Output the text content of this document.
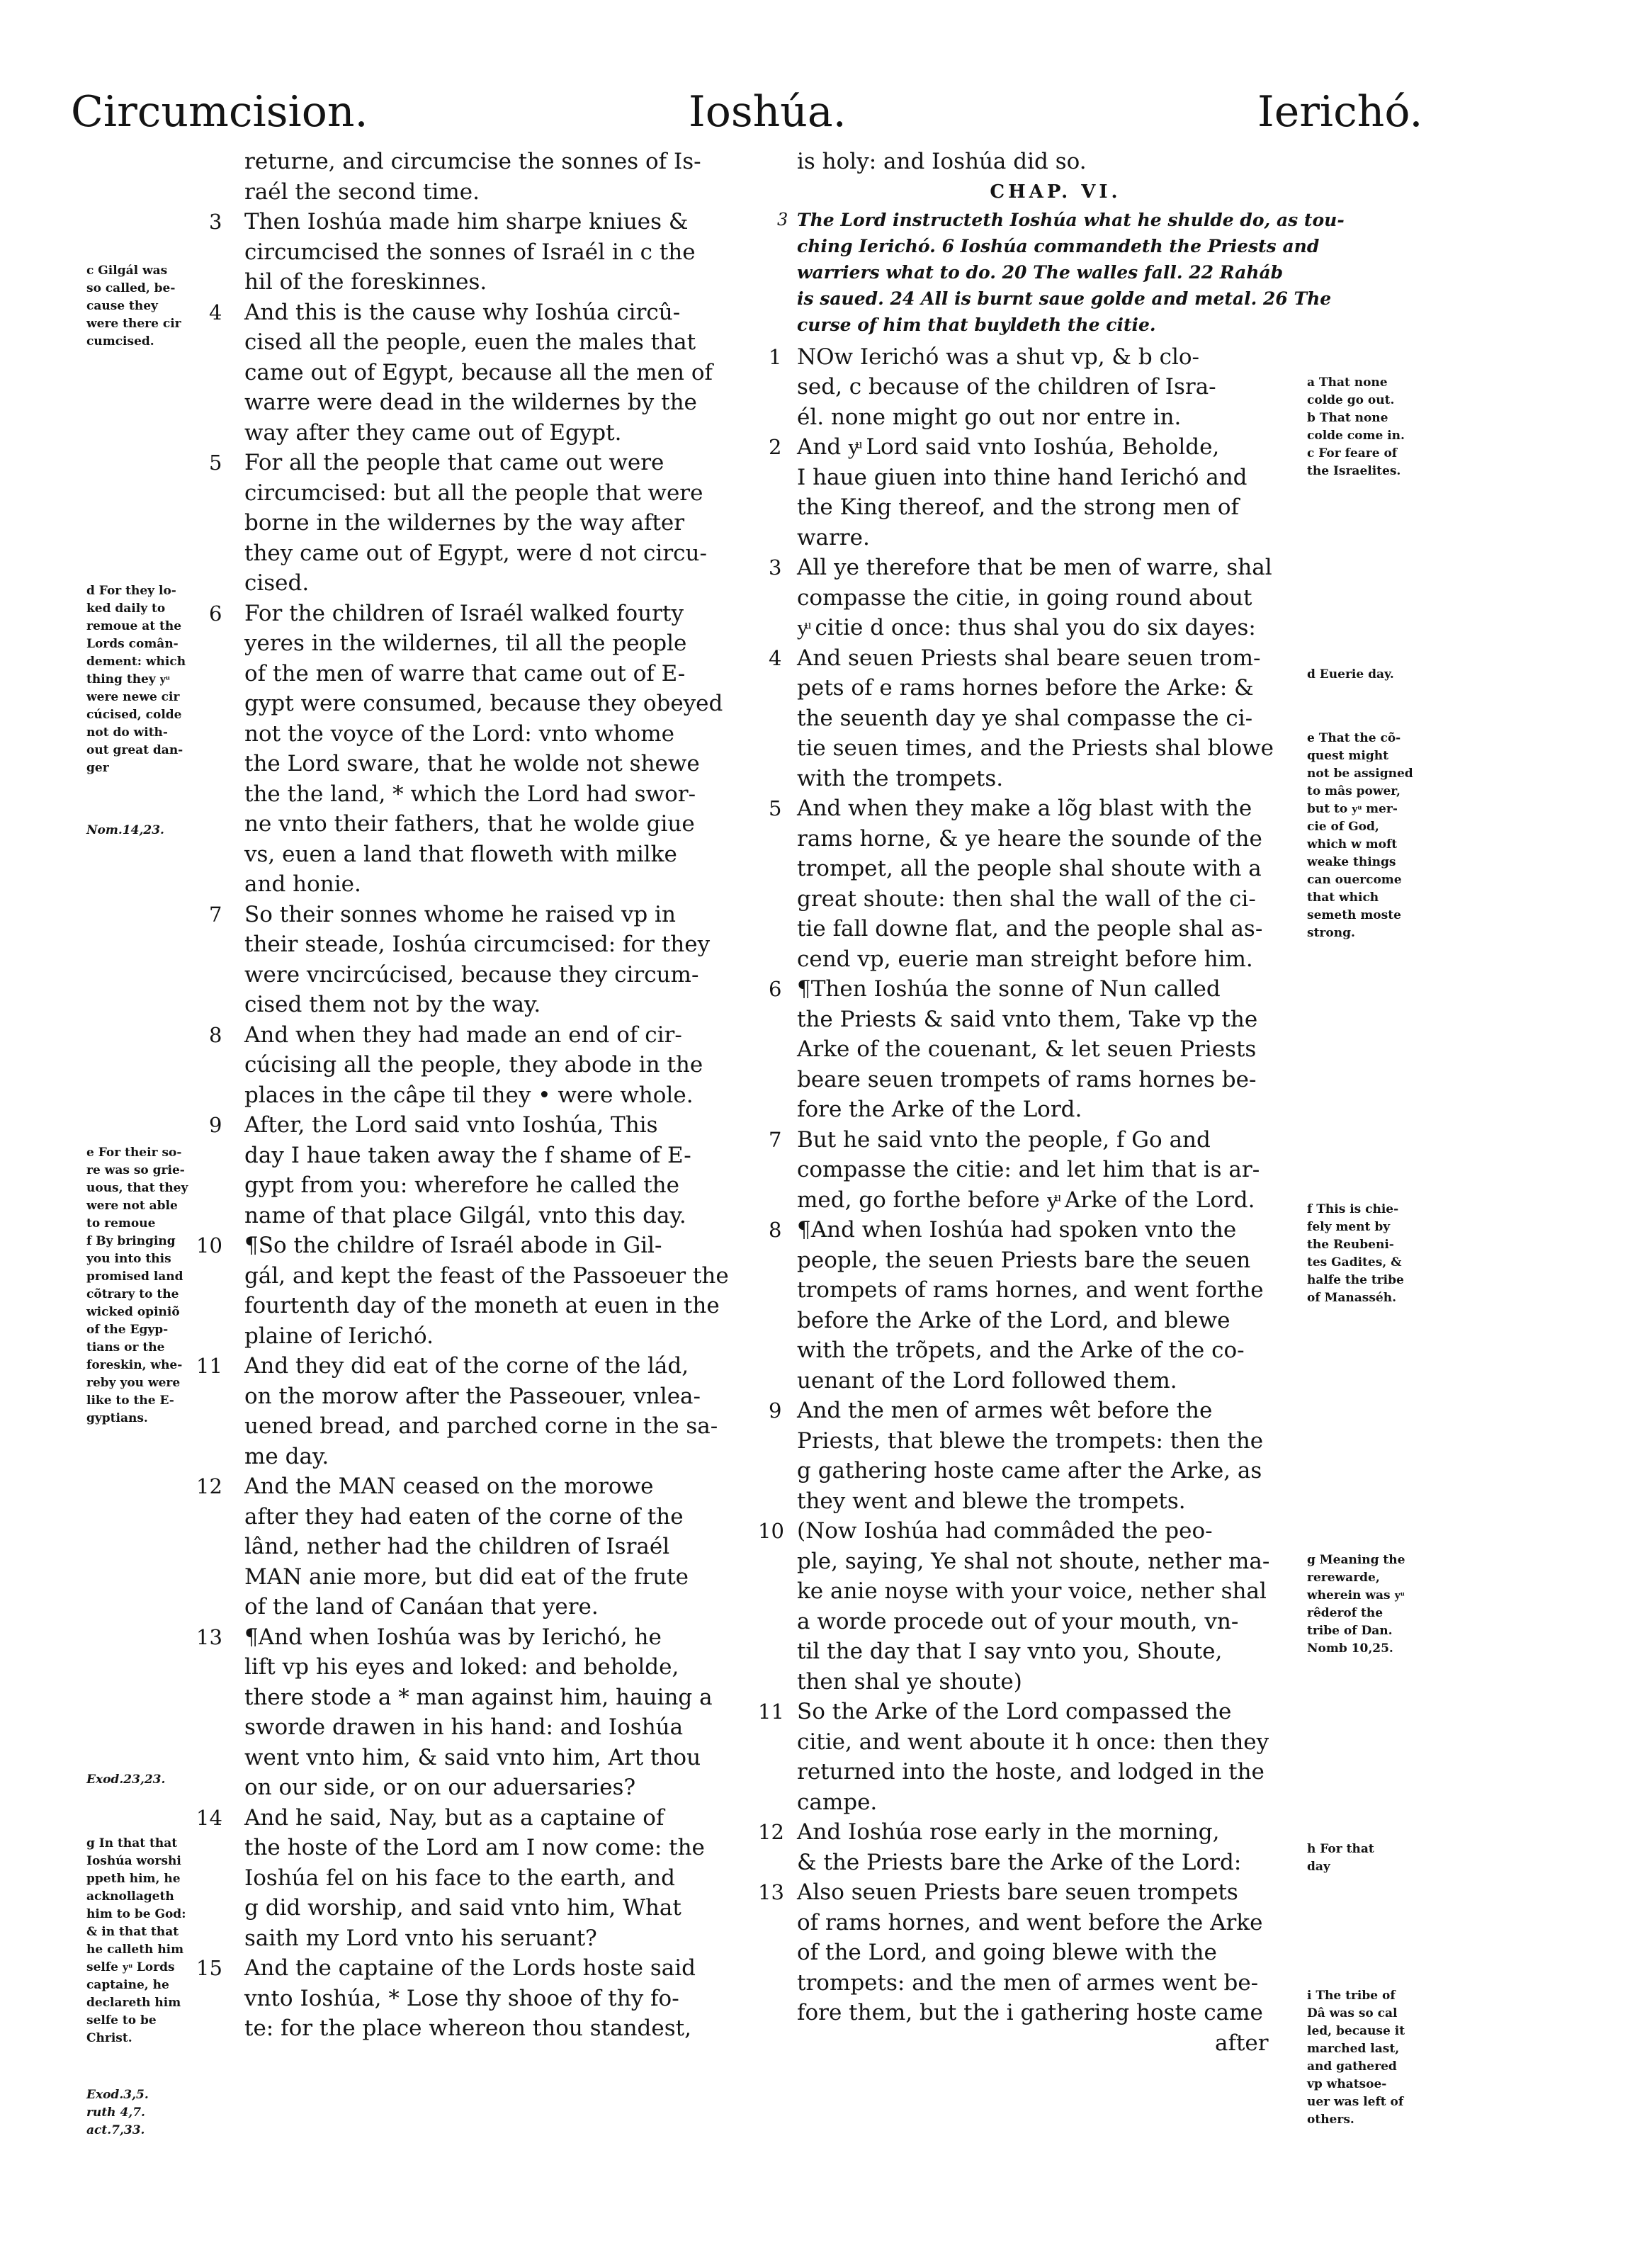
Circumcision.	Ioshúa.	Ierichó.
c Gilgál was
so called, be-
cause they
were there cir
cumcised.
d For they lo-
ked daily to
remoue at the
Lords comân-
dement: which
thing they yͧ
were newe cir
cúcised, colde
not do with-
out great dan-
ger
Nom.14,23.
e For their so-
re was so grie-
uous, that they
were not able
to remoue
f By bringing
you into this
promised land
cõtrary to the
wicked opiniõ
of the Egyp-
tians or the
foreskin, whe-
reby you were
like to the E-
gyptians.
Exod.23,23.
g In that that
Ioshúa worshi
ppeth him, he
acknollageth
him to be God:
& in that that
he calleth him
selfe yͧ Lords
captaine, he
declareth him
selfe to be
Christ.
Exod.3,5.
ruth 4,7.
act.7,33.
returne, and circumcise the sonnes of Is-
raél the second time.
3 Then Ioshúa made him sharpe kniues &
circumcised the sonnes of Israél in c the
hil of the foreskinnes.
4 And this is the cause why Ioshúa circû-
cised all the people, euen the males that
came out of Egypt, because all the men of
warre were dead in the wildernes by the
way after they came out of Egypt.
5 For all the people that came out were
circumcised: but all the people that were
borne in the wildernes by the way after
they came out of Egypt, were d not circu-
cised.
6 For the children of Israél walked fourty
yeres in the wildernes, til all the people
of the men of warre that came out of E-
gypt were consumed, because they obeyed
not the voyce of the Lord: vnto whome
the Lord sware, that he wolde not shewe
the the land, * which the Lord had swor-
ne vnto their fathers, that he wolde giue
vs, euen a land that floweth with milke
and honie.
7 So their sonnes whome he raised vp in
their steade, Ioshúa circumcised: for they
were vncircúcised, because they circum-
cised them not by the way.
8 And when they had made an end of cir-
cúcising all the people, they abode in the
places in the câpe til they • were whole.
9 After, the Lord said vnto Ioshúa, This
day I haue taken away the f shame of E-
gypt from you: wherefore he called the
name of that place Gilgál, vnto this day.
10 ¶So the childre of Israél abode in Gil-
gál, and kept the feast of the Passoeuer the
fourtenth day of the moneth at euen in the
plaine of Ierichó.
11 And they did eat of the corne of the lád,
on the morow after the Passeouer, vnlea-
uened bread, and parched corne in the sa-
me day.
12 And the MAN ceased on the morowe
after they had eaten of the corne of the
lând, nether had the children of Israél
MAN anie more, but did eat of the frute
of the land of Canáan that yere.
13 ¶And when Ioshúa was by Ierichó, he
lift vp his eyes and loked: and beholde,
there stode a * man against him, hauing a
sworde drawen in his hand: and Ioshúa
went vnto him, & said vnto him, Art thou
on our side, or on our aduersaries?
14 And he said, Nay, but as a captaine of
the hoste of the Lord am I now come: the
Ioshúa fel on his face to the earth, and
g did worship, and said vnto him, What
saith my Lord vnto his seruant?
15 And the captaine of the Lords hoste said
vnto Ioshúa, * Lose thy shooe of thy fo-
te: for the place whereon thou standest,
is holy: and Ioshúa did so.
CHAP. VI.
3 The Lord instructeth Ioshúa what he shulde do, as tou-
ching Ierichó. 6 Ioshúa commandeth the Priests and
warriers what to do. 20 The walles fall. 22 Raháb
is saued. 24 All is burnt saue golde and metal. 26 The
curse of him that buyldeth the citie.
1 NOw Ierichó was a shut vp, & b clo-
sed, c because of the children of Isra-
él. none might go out nor entre in.
2 And yͧ Lord said vnto Ioshúa, Beholde,
I haue giuen into thine hand Ierichó and
the King thereof, and the strong men of
warre.
3 All ye therefore that be men of warre, shal
compasse the citie, in going round about
yͧ citie d once: thus shal you do six dayes:
4 And seuen Priests shal beare seuen trom-
pets of e rams hornes before the Arke: &
the seuenth day ye shal compasse the ci-
tie seuen times, and the Priests shal blowe
with the trompets.
5 And when they make a lõg blast with the
rams horne, & ye heare the sounde of the
trompet, all the people shal shoute with a
great shoute: then shal the wall of the ci-
tie fall downe flat, and the people shal as-
cend vp, euerie man streight before him.
6 ¶Then Ioshúa the sonne of Nun called
the Priests & said vnto them, Take vp the
Arke of the couenant, & let seuen Priests
beare seuen trompets of rams hornes be-
fore the Arke of the Lord.
7 But he said vnto the people, f Go and
compasse the citie: and let him that is ar-
med, go forthe before yͧ Arke of the Lord.
8 ¶And when Ioshúa had spoken vnto the
people, the seuen Priests bare the seuen
trompets of rams hornes, and went forthe
before the Arke of the Lord, and blewe
with the trõpets, and the Arke of the co-
uenant of the Lord followed them.
9 And the men of armes wêt before the
Priests, that blewe the trompets: then the
g gathering hoste came after the Arke, as
they went and blewe the trompets.
10 (Now Ioshúa had commâded the peo-
ple, saying, Ye shal not shoute, nether ma-
ke anie noyse with your voice, nether shal
a worde procede out of your mouth, vn-
til the day that I say vnto you, Shoute,
then shal ye shoute)
11 So the Arke of the Lord compassed the
citie, and went aboute it h once: then they
returned into the hoste, and lodged in the
campe.
12 And Ioshúa rose early in the morning,
& the Priests bare the Arke of the Lord:
13 Also seuen Priests bare seuen trompets
of rams hornes, and went before the Arke
of the Lord, and going blewe with the
trompets: and the men of armes went be-
fore them, but the i gathering hoste came
after
a That none
colde go out.
b That none
colde come in.
c For feare of
the Israelites.
d Euerie day.
e That the cõ-
quest might
not be assigned
to mâs power,
but to yͧ mer-
cie of God,
which w moft
weake things
can ouercome
that which
semeth moste
strong.
f This is chie-
fely ment by
the Reubeni-
tes Gadites, &
halfe the tribe
of Manasséh.
g Meaning the
rerewarde,
wherein was yͧ
rêderof the
tribe of Dan.
Nomb 10,25.
h For that
day
i The tribe of
Dâ was so cal
led, because it
marched last,
and gathered
vp whatsoe-
uer was left of
others.
